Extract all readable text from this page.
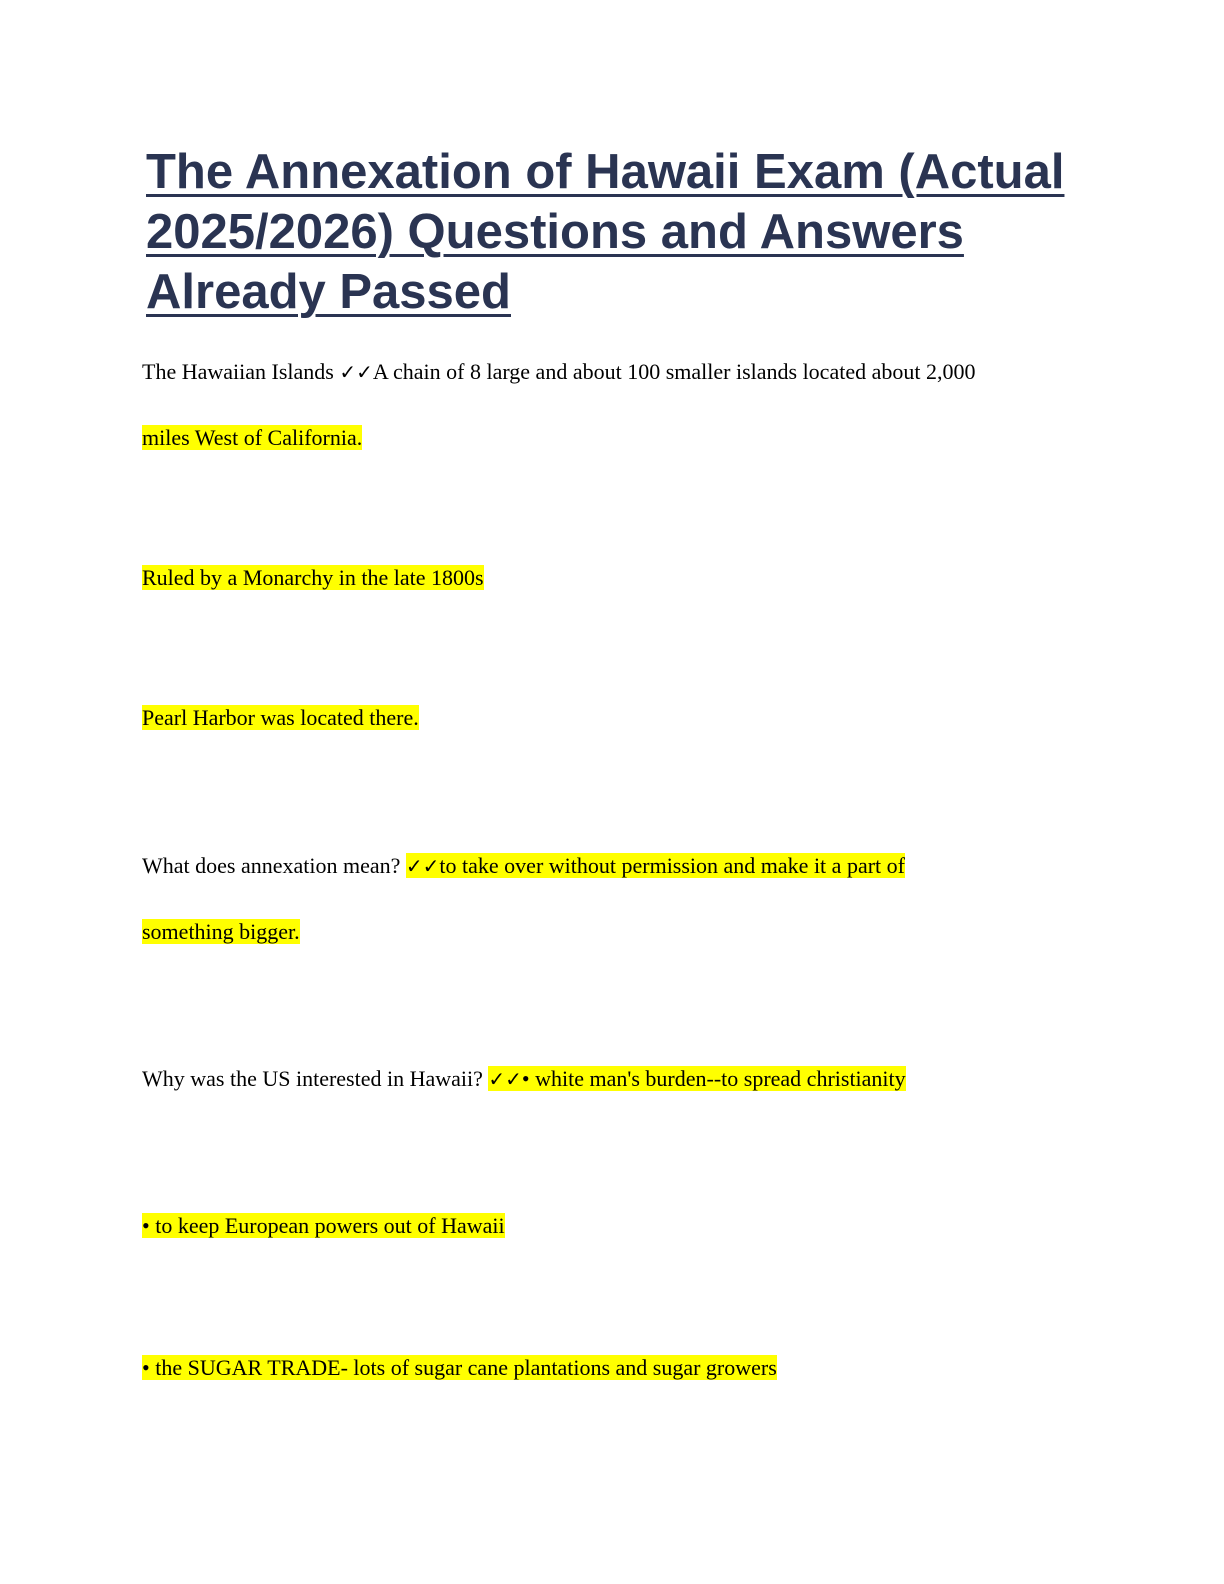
The Annexation of Hawaii Exam (Actual
2025/2026) Questions and Answers
Already Passed
The Hawaiian Islands ✓✓A chain of 8 large and about 100 smaller islands located about 2,000
miles West of California.
Ruled by a Monarchy in the late 1800s
Pearl Harbor was located there.
What does annexation mean? ✓✓to take over without permission and make it a part of
something bigger.
Why was the US interested in Hawaii? ✓✓• white man's burden--to spread christianity
• to keep European powers out of Hawaii
• the SUGAR TRADE- lots of sugar cane plantations and sugar growers
